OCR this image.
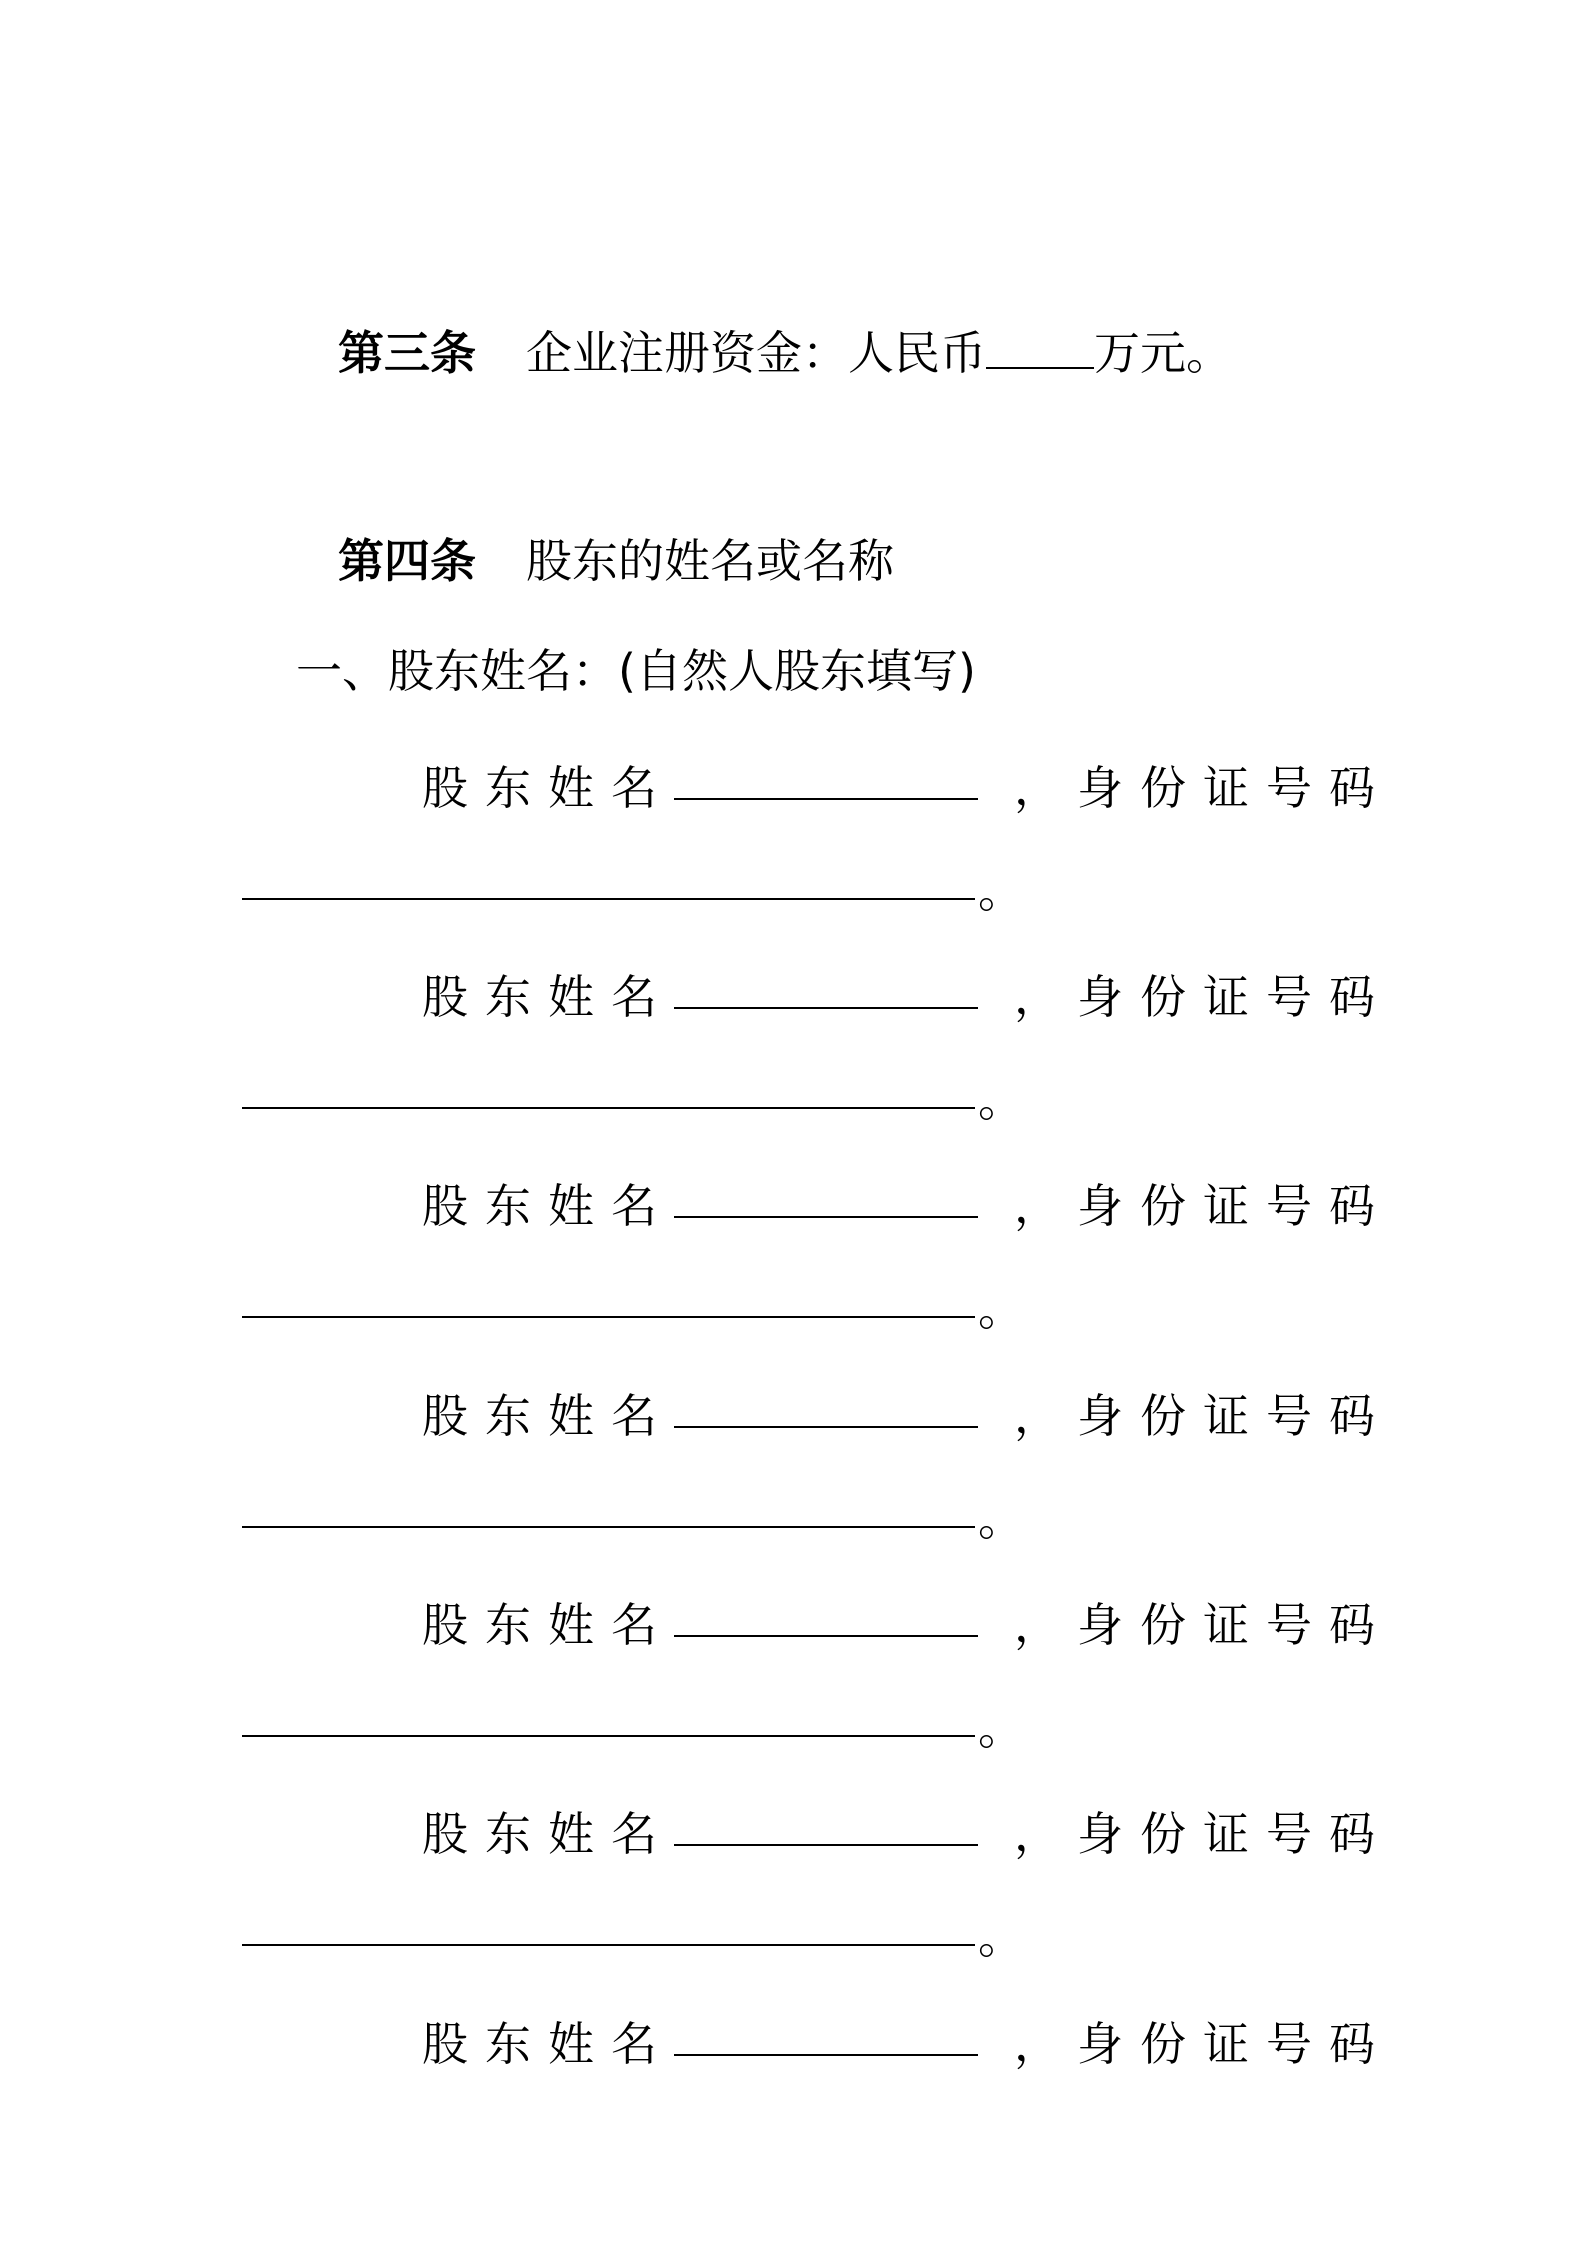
第三条 企业注册资金：人民币 万元。
第四条 股东的姓名或名称
一、股东姓名：(自然人股东填写)
股东姓名	，身份证号码
。
股东姓名	，身份证号码
。
股东姓名	，身份证号码
。
股东姓名	，身份证号码
。
股东姓名	，身份证号码
。
股东姓名	，身份证号码
。
股东姓名	，身份证号码
